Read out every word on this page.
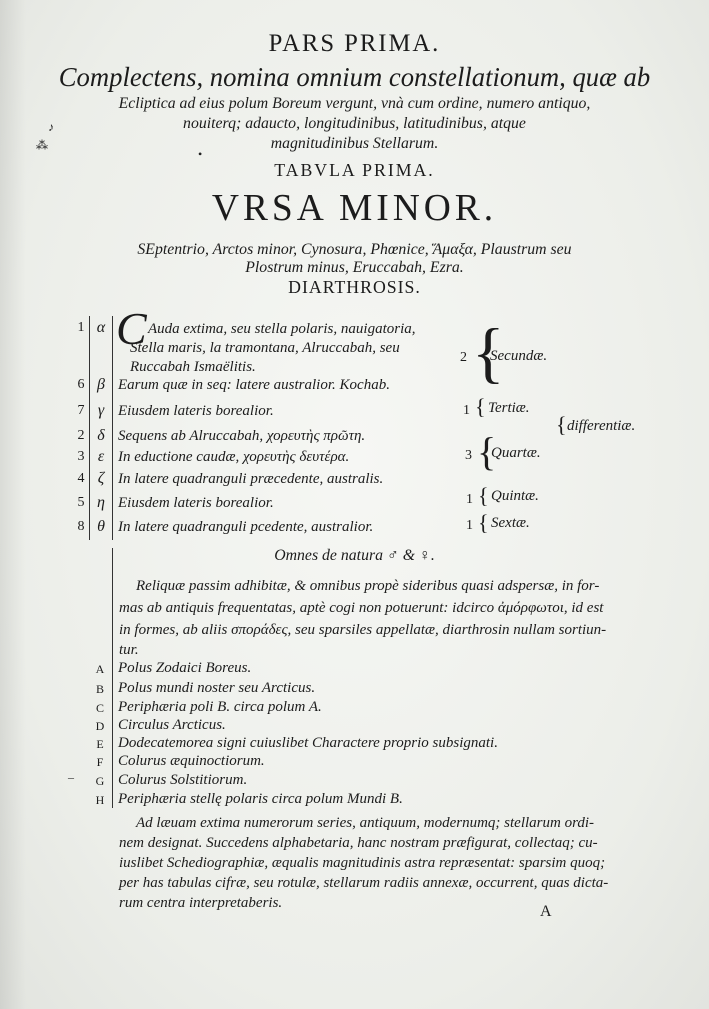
PARS PRIMA.
Complectens, nomina omnium constellationum, quæ ab
Ecliptica ad eius polum Boreum vergunt, vnà cum ordine, numero antiquo,
nouiterq; adaucto, longitudinibus, latitudinibus, atque
magnitudinibus Stellarum.
♪
⁂
•
TABVLA PRIMA.
VRSA MINOR.
SEptentrio, Arctos minor, Cynosura, Phœnice, Ἅμαξα, Plaustrum seu
Plostrum minus, Eruccabah, Ezra.
DIARTHROSIS.
C
1 α	Auda extima, seu stella polaris, nauigatoria,
Stella maris, la tramontana, Alruccabah, seu
Ruccabah Ismaëlitis.
6 β Earum quæ in seq: latere australior. Kochab.
7 γ Eiusdem lateris borealior.
2 δ Sequens ab Alruccabah, χορευτὴς πρῶτη.
3 ε In eductione caudæ, χορευτὴς δευτέρα.
4 ζ In latere quadranguli præcedente, australis.
5 η Eiusdem lateris borealior.
8 θ In latere quadranguli pcedente, australior.
{
2 Secundæ.
{
1 Tertiæ.
{
3 Quartæ.
{
1 Quintæ.
{
1 Sextæ.
{ differentiæ.
Omnes de natura ♂ & ♀.
Reliquæ passim adhibitæ, & omnibus propè sideribus quasi adspersæ, in for-
mas ab antiquis frequentatas, aptè cogi non potuerunt: idcirco ἀμόρφωτοι, id est
in formes, ab aliis σποράδες, seu sparsiles appellatæ, diarthrosin nullam sortiun-
tur.
A Polus Zodaici Boreus.
B Polus mundi noster seu Arcticus.
C Periphæria poli B. circa polum A.
D Circulus Arcticus.
E Dodecatemorea signi cuiuslibet Charactere proprio subsignati.
F Colurus æquinoctiorum.
G Colurus Solstitiorum.
H Periphæria stellę polaris circa polum Mundi B.
–
Ad læuam extima numerorum series, antiquum, modernumq; stellarum ordi-
nem designat. Succedens alphabetaria, hanc nostram præfigurat, collectaq; cu-
iuslibet Schediographiæ, æqualis magnitudinis astra repræsentat: sparsim quoq;
per has tabulas cifræ, seu rotulæ, stellarum radiis annexæ, occurrent, quas dicta-
rum centra interpretaberis.	A
